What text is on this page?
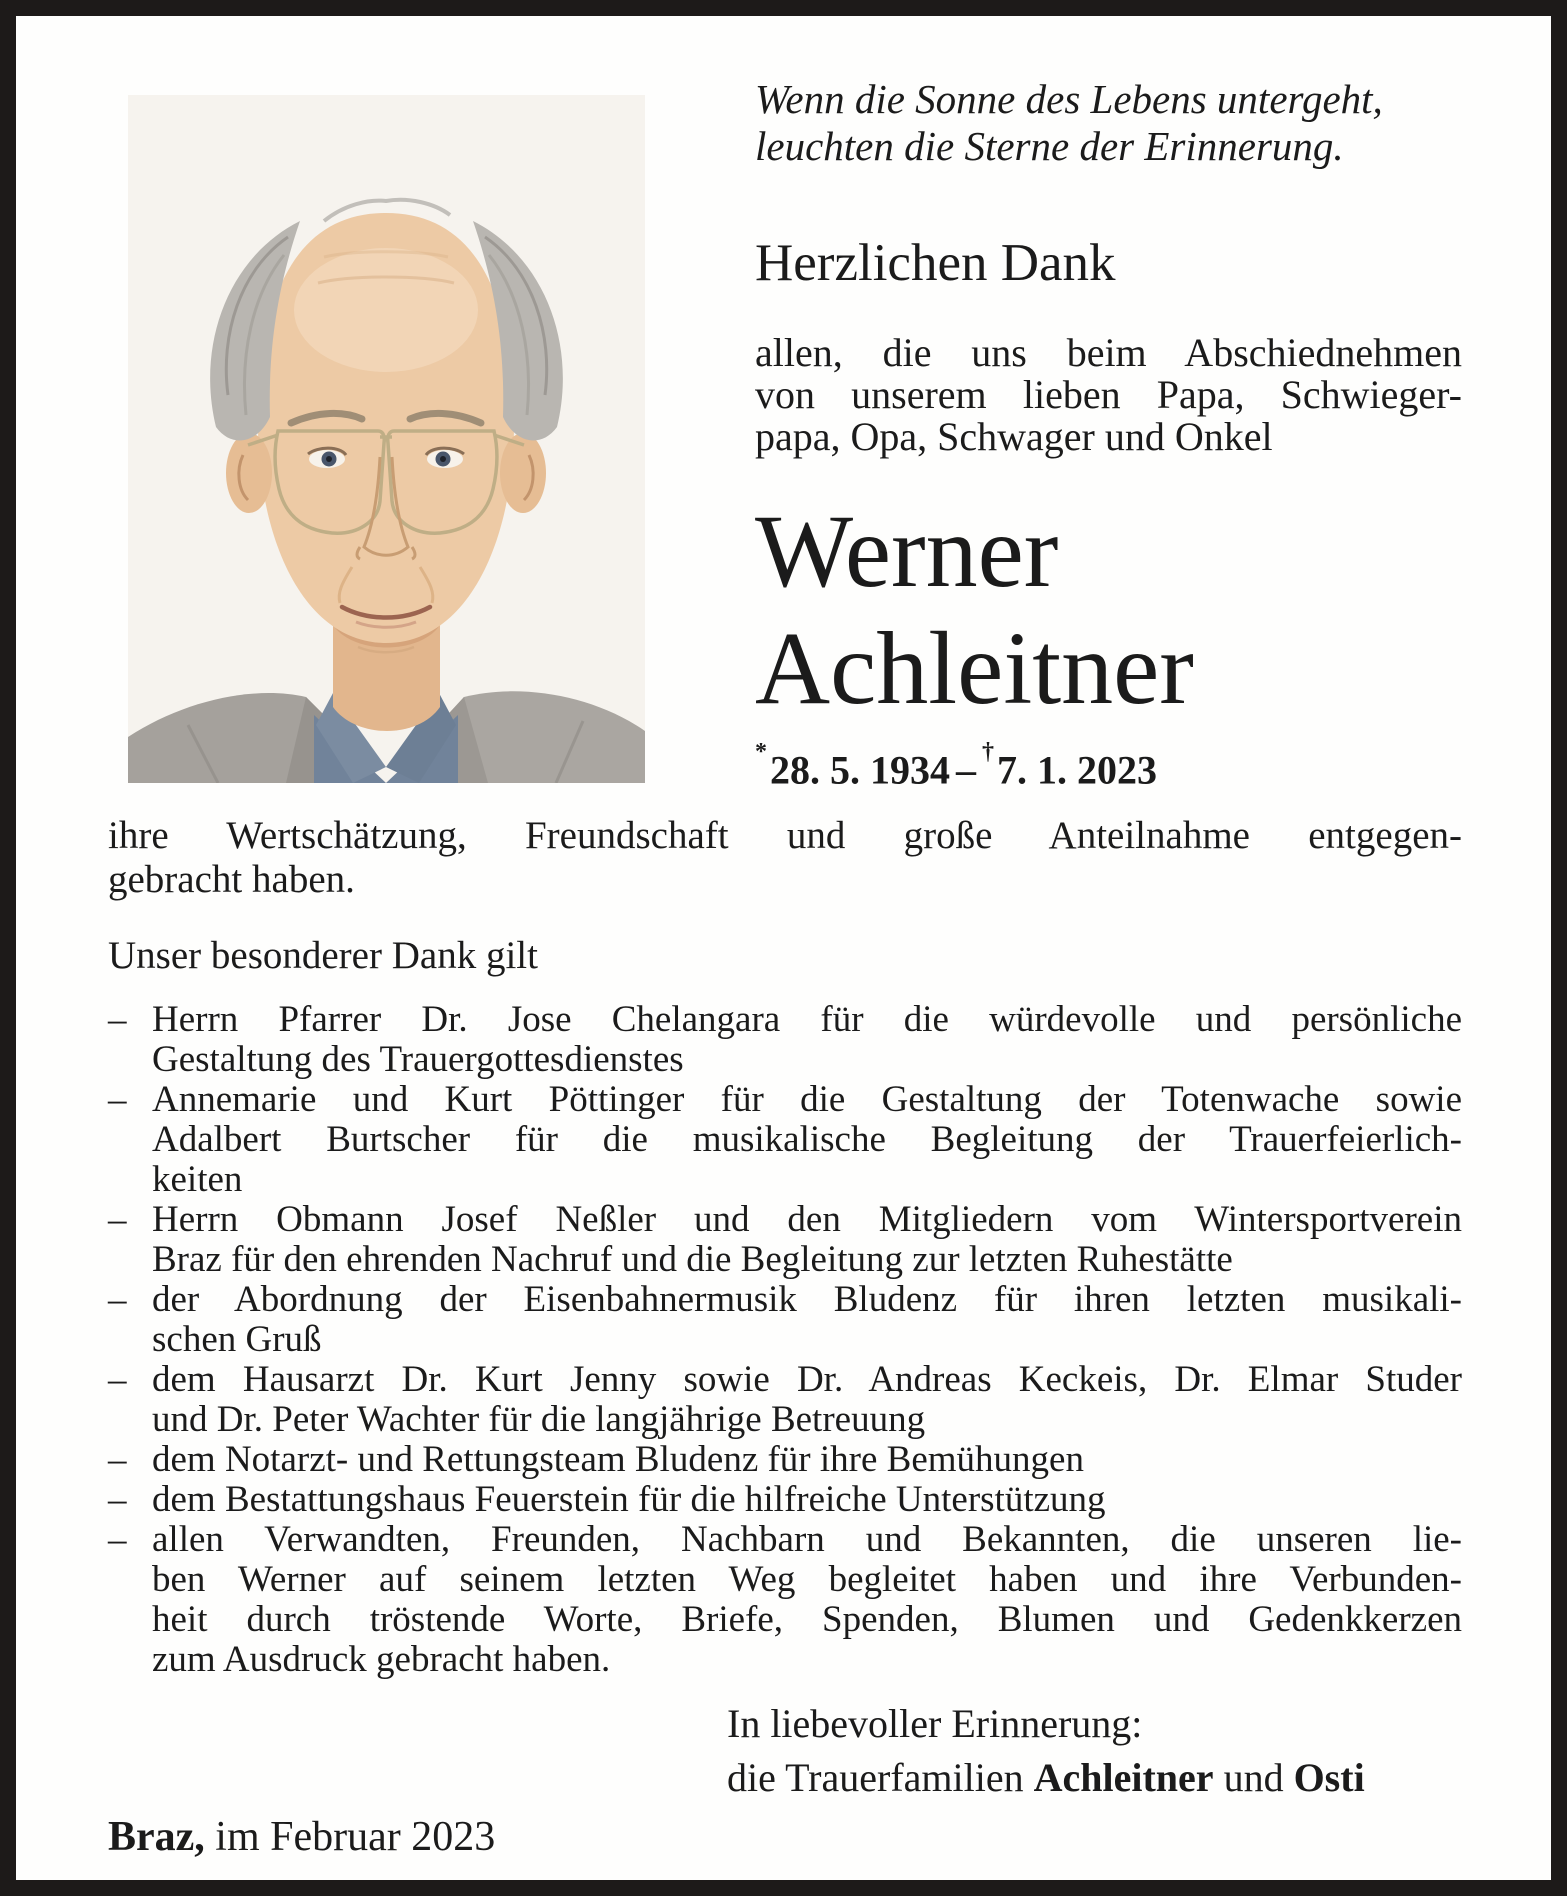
Wenn die Sonne des Lebens untergeht,
leuchten die Sterne der Erinnerung.
Herzlichen Dank
allen, die uns beim Abschiednehmen
von unserem lieben Papa, Schwieger-
papa, Opa, Schwager und Onkel
Werner
Achleitner
*28. 5. 1934 – †7. 1. 2023
ihre Wertschätzung, Freundschaft und große Anteilnahme entgegen-
gebracht haben.
Unser besonderer Dank gilt
– Herrn Pfarrer Dr. Jose Chelangara für die würdevolle und persönliche
Gestaltung des Trauergottesdienstes
– Annemarie und Kurt Pöttinger für die Gestaltung der Totenwache sowie
Adalbert Burtscher für die musikalische Begleitung der Trauerfeierlich-
keiten
– Herrn Obmann Josef Neßler und den Mitgliedern vom Wintersportverein
Braz für den ehrenden Nachruf und die Begleitung zur letzten Ruhestätte
– der Abordnung der Eisenbahnermusik Bludenz für ihren letzten musikali-
schen Gruß
– dem Hausarzt Dr. Kurt Jenny sowie Dr. Andreas Keckeis, Dr. Elmar Studer
und Dr. Peter Wachter für die langjährige Betreuung
– dem Notarzt- und Rettungsteam Bludenz für ihre Bemühungen
– dem Bestattungshaus Feuerstein für die hilfreiche Unterstützung
– allen Verwandten, Freunden, Nachbarn und Bekannten, die unseren lie-
ben Werner auf seinem letzten Weg begleitet haben und ihre Verbunden-
heit durch tröstende Worte, Briefe, Spenden, Blumen und Gedenkkerzen
zum Ausdruck gebracht haben.
In liebevoller Erinnerung:
die Trauerfamilien Achleitner und Osti
Braz, im Februar 2023
